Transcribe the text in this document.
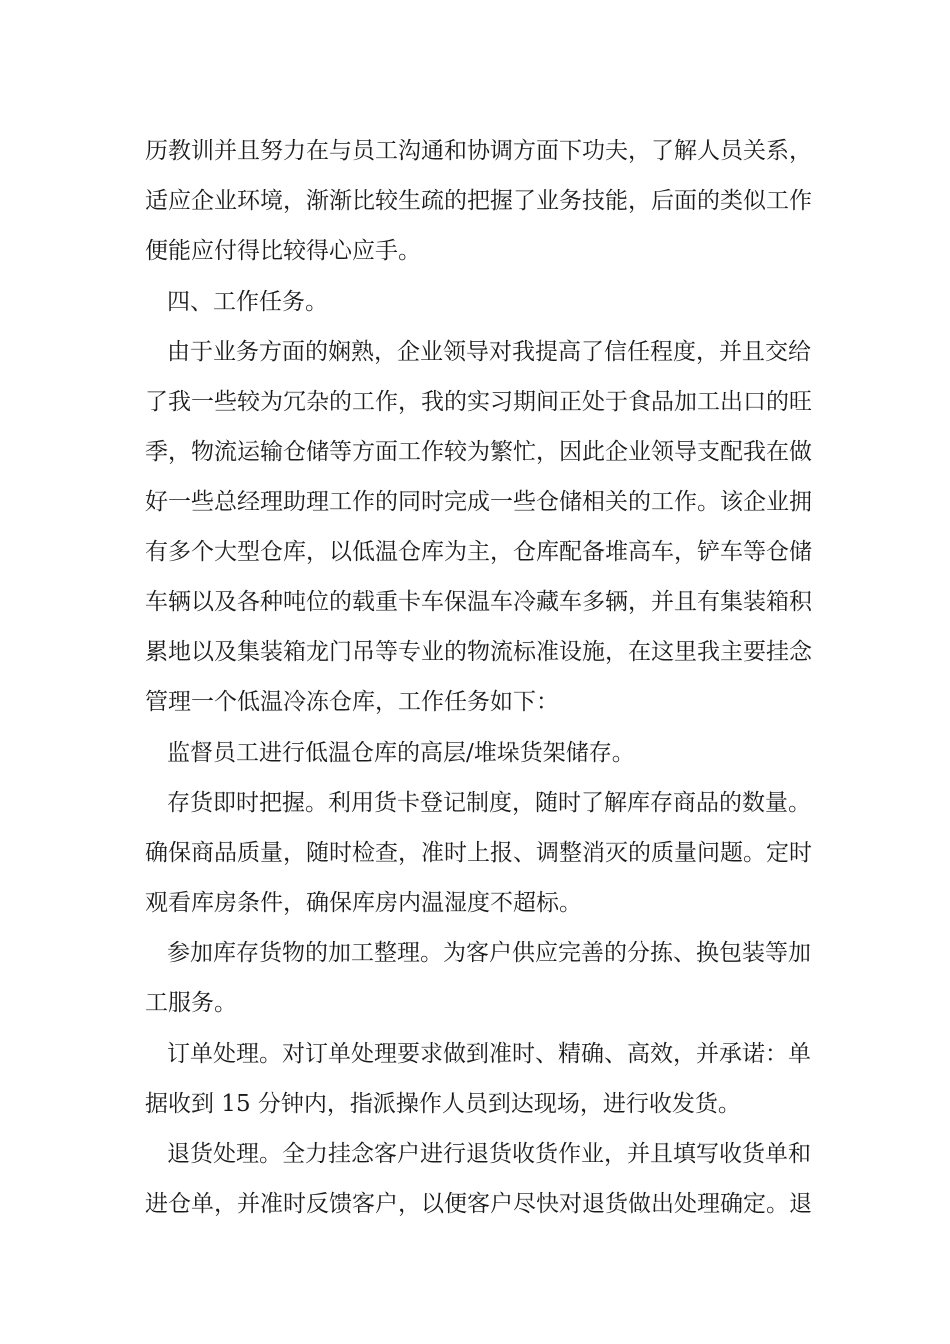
历教训并且努力在与员工沟通和协调方面下功夫，了解人员关系，
适应企业环境，渐渐比较生疏的把握了业务技能，后面的类似工作
便能应付得比较得心应手。
四、工作任务。
由于业务方面的娴熟，企业领导对我提高了信任程度，并且交给
了我一些较为冗杂的工作，我的实习期间正处于食品加工出口的旺
季，物流运输仓储等方面工作较为繁忙，因此企业领导支配我在做
好一些总经理助理工作的同时完成一些仓储相关的工作。该企业拥
有多个大型仓库，以低温仓库为主，仓库配备堆高车，铲车等仓储
车辆以及各种吨位的载重卡车保温车冷藏车多辆，并且有集装箱积
累地以及集装箱龙门吊等专业的物流标准设施，在这里我主要挂念
管理一个低温冷冻仓库，工作任务如下：
监督员工进行低温仓库的高层/堆垛货架储存。
存货即时把握。利用货卡登记制度，随时了解库存商品的数量。
确保商品质量，随时检查，准时上报、调整消灭的质量问题。定时
观看库房条件，确保库房内温湿度不超标。
参加库存货物的加工整理。为客户供应完善的分拣、换包装等加
工服务。
订单处理。对订单处理要求做到准时、精确、高效，并承诺：单
据收到 15 分钟内，指派操作人员到达现场，进行收发货。
退货处理。全力挂念客户进行退货收货作业，并且填写收货单和
进仓单，并准时反馈客户，以便客户尽快对退货做出处理确定。退
